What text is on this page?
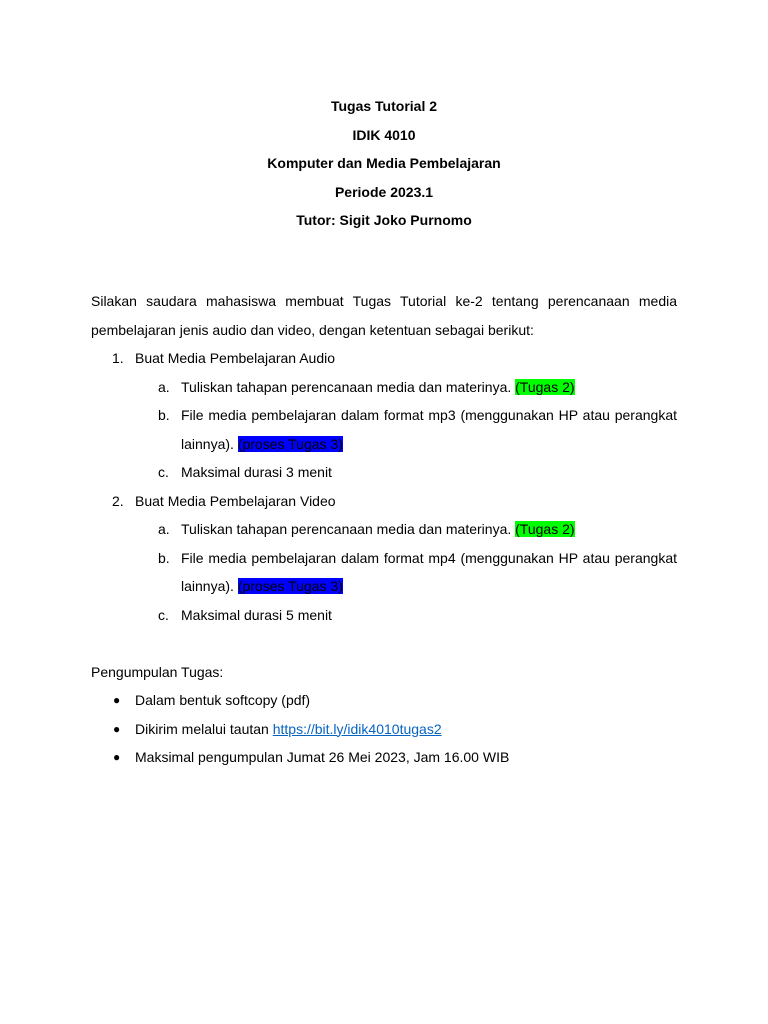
Tugas Tutorial 2
IDIK 4010
Komputer dan Media Pembelajaran
Periode 2023.1
Tutor: Sigit Joko Purnomo

Silakan saudara mahasiswa membuat Tugas Tutorial ke-2 tentang perencanaan media pembelajaran jenis audio dan video, dengan ketentuan sebagai berikut:

1. Buat Media Pembelajaran Audio
a. Tuliskan tahapan perencanaan media dan materinya. (Tugas 2)
b. File media pembelajaran dalam format mp3 (menggunakan HP atau perangkat lainnya). (proses Tugas 3)
c. Maksimal durasi 3 menit
2. Buat Media Pembelajaran Video
a. Tuliskan tahapan perencanaan media dan materinya. (Tugas 2)
b. File media pembelajaran dalam format mp4 (menggunakan HP atau perangkat lainnya). (proses Tugas 3)
c. Maksimal durasi 5 menit
Pengumpulan Tugas:
● Dalam bentuk softcopy (pdf)
● Dikirim melalui tautan https://bit.ly/idik4010tugas2
● Maksimal pengumpulan Jumat 26 Mei 2023, Jam 16.00 WIB
